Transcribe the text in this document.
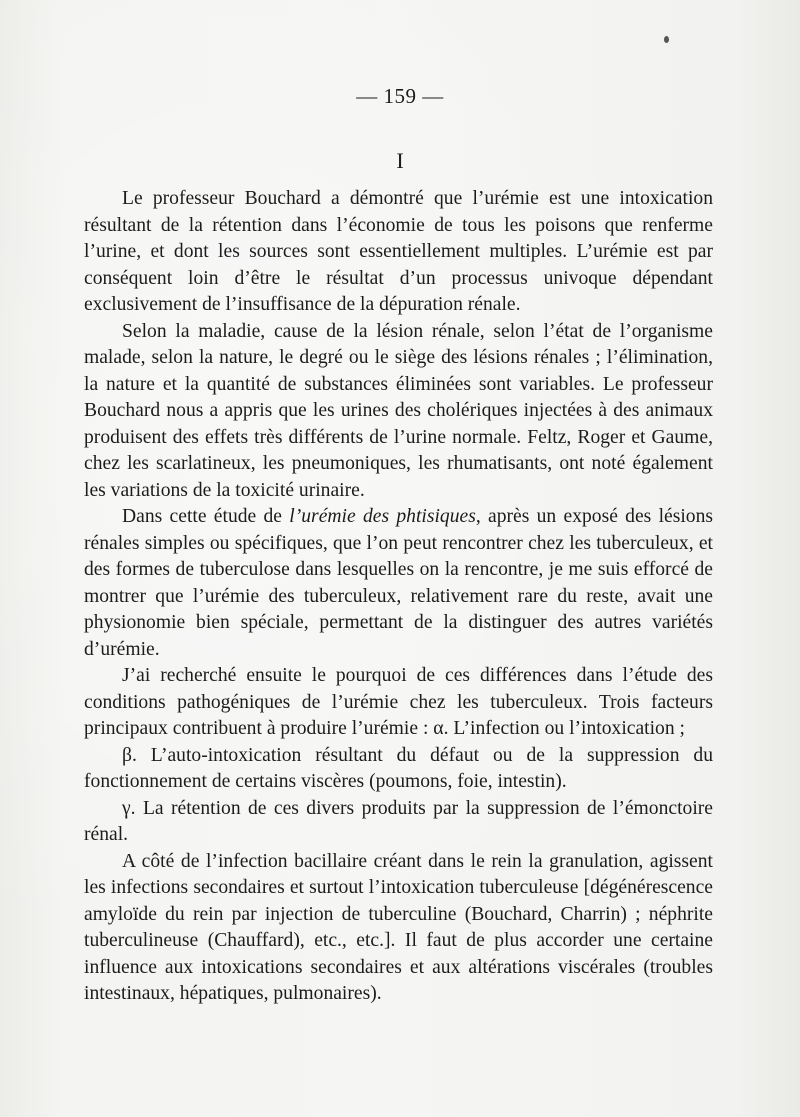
— 159 —
I

Le professeur Bouchard a démontré que l’urémie est une intoxication résultant de la rétention dans l’économie de tous les poisons que renferme l’urine, et dont les sources sont essentiellement multiples. L’urémie est par conséquent loin d’être le résultat d’un processus univoque dépendant exclusivement de l’insuffisance de la dépuration rénale.

Selon la maladie, cause de la lésion rénale, selon l’état de l’organisme malade, selon la nature, le degré ou le siège des lésions rénales ; l’élimination, la nature et la quantité de substances éliminées sont variables. Le professeur Bouchard nous a appris que les urines des cholériques injectées à des animaux produisent des effets très différents de l’urine normale. Feltz, Roger et Gaume, chez les scarlatineux, les pneumoniques, les rhumatisants, ont noté également les variations de la toxicité urinaire.

Dans cette étude de l’urémie des phtisiques, après un exposé des lésions rénales simples ou spécifiques, que l’on peut rencontrer chez les tuberculeux, et des formes de tuberculose dans lesquelles on la rencontre, je me suis efforcé de montrer que l’urémie des tuberculeux, relativement rare du reste, avait une physionomie bien spéciale, permettant de la distinguer des autres variétés d’urémie.

J’ai recherché ensuite le pourquoi de ces différences dans l’étude des conditions pathogéniques de l’urémie chez les tuberculeux. Trois facteurs principaux contribuent à produire l’urémie : α. L’infection ou l’intoxication ;

β. L’auto-intoxication résultant du défaut ou de la suppression du fonctionnement de certains viscères (poumons, foie, intestin).

γ. La rétention de ces divers produits par la suppression de l’émonctoire rénal.

A côté de l’infection bacillaire créant dans le rein la granulation, agissent les infections secondaires et surtout l’intoxication tuberculeuse [dégénérescence amyloïde du rein par injection de tuberculine (Bouchard, Charrin) ; néphrite tuberculineuse (Chauffard), etc., etc.]. Il faut de plus accorder une certaine influence aux intoxications secondaires et aux altérations viscérales (troubles intestinaux, hépatiques, pulmonaires).
